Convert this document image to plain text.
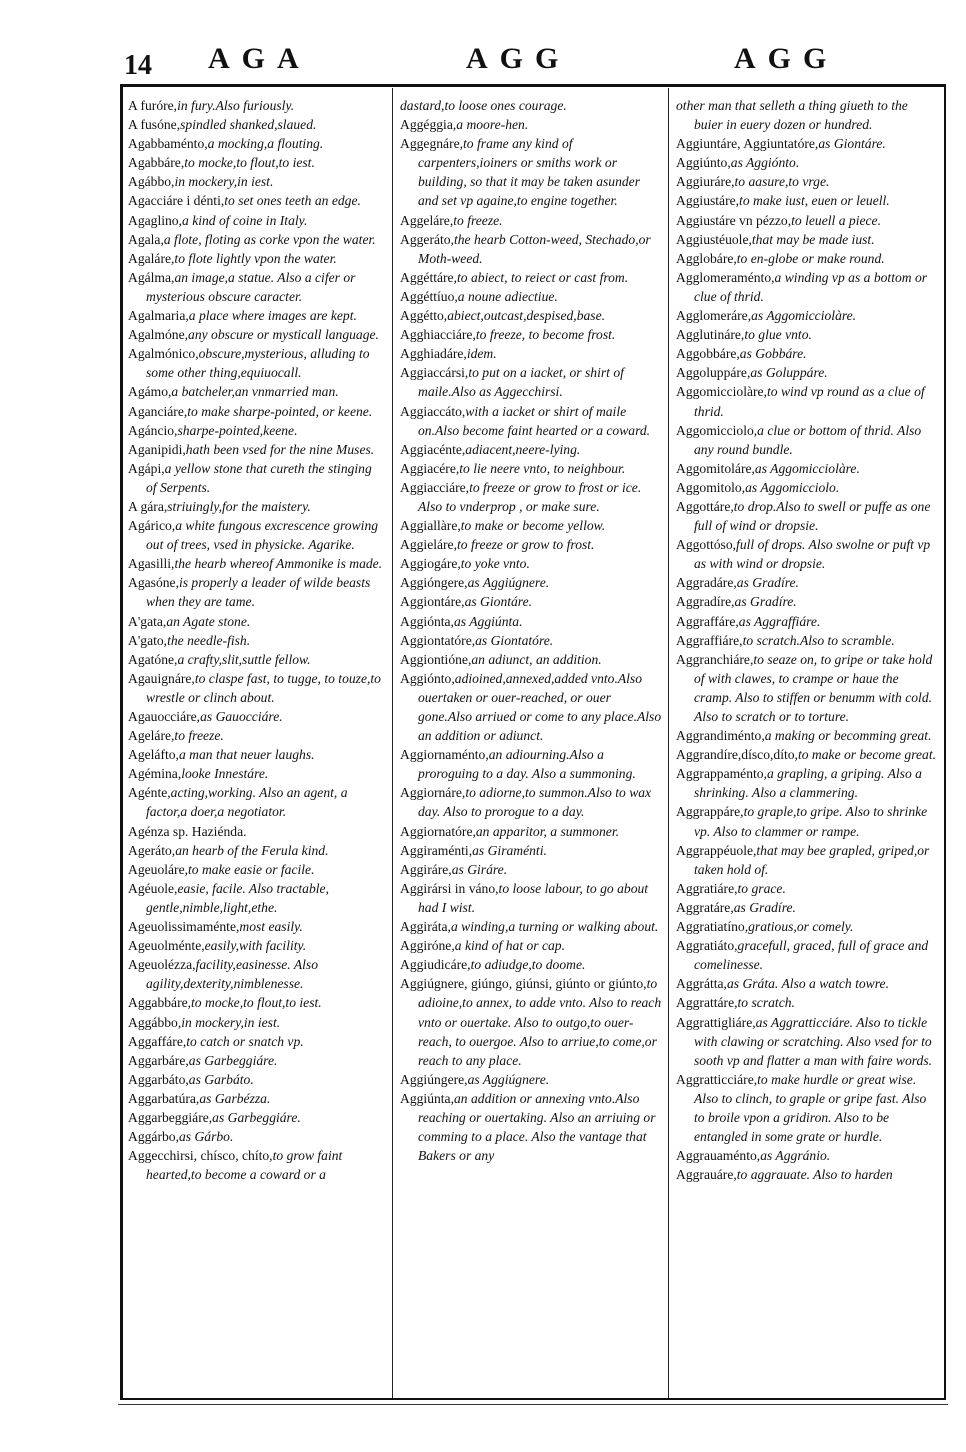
14 AGA	AGG	AGG

A furóre,in fury.Also furiously.

A fusóne,spindled shanked,slaued.

Agabbaménto,a mocking,a flouting.

Agabbáre,to mocke,to flout,to iest.

Agábbo,in mockery,in iest.

Agacciáre i dénti,to set ones teeth an edge.

Agaglino,a kind of coine in Italy.

Agala,a flote, floting as corke vpon the water.

Agaláre,to flote lightly vpon the water.

Agálma,an image,a statue. Also a cifer or mysterious obscure caracter.

Agalmaria,a place where images are kept.

Agalmóne,any obscure or mysticall language.

Agalmónico,obscure,mysterious, alluding to some other thing,equiuocall.

Agámo,a batcheler,an vnmarried man.

Aganciáre,to make sharpe-pointed, or keene.

Agáncio,sharpe-pointed,keene.

Aganipidi,hath been vsed for the nine Muses.

Agápi,a yellow stone that cureth the stinging of Serpents.

A gára,striuingly,for the maistery.

Agárico,a white fungous excrescence growing out of trees, vsed in physicke. Agarike.

Agasilli,the hearb whereof Ammonike is made.

Agasóne,is properly a leader of wilde beasts when they are tame.

A'gata,an Agate stone.

A'gato,the needle-fish.

Agatóne,a crafty,slit,suttle fellow.

Agauignáre,to claspe fast, to tugge, to touze,to wrestle or clinch about.

Agauocciáre,as Gauocciáre.

Ageláre,to freeze.

Ageláfto,a man that neuer laughs.

Agémina,looke Innestáre.

Agénte,acting,working. Also an agent, a factor,a doer,a negotiator.

Agénza sp. Haziénda.

Ageráto,an hearb of the Ferula kind.

Ageuoláre,to make easie or facile.

Agéuole,easie, facile. Also tractable, gentle,nimble,light,ethe.

Ageuolissimaménte,most easily.

Ageuolménte,easily,with facility.

Ageuolézza,facility,easinesse. Also agility,dexterity,nimblenesse.

Aggabbáre,to mocke,to flout,to iest.

Aggábbo,in mockery,in iest.

Aggaffáre,to catch or snatch vp.

Aggarbáre,as Garbeggiáre.

Aggarbáto,as Garbáto.

Aggarbatúra,as Garbézza.

Aggarbeggiáre,as Garbeggiáre.

Aggárbo,as Gárbo.

Aggecchirsi, chísco, chíto,to grow faint hearted,to become a coward or a

dastard,to loose ones courage.

Aggéggia,a moore-hen.

Aggegnáre,to frame any kind of carpenters,ioiners or smiths work or building, so that it may be taken asunder and set vp againe,to engine together.

Aggeláre,to freeze.

Aggeráto,the hearb Cotton-weed, Stechado,or Moth-weed.

Aggéttáre,to abiect, to reiect or cast from.

Aggéttíuo,a noune adiectiue.

Aggétto,abiect,outcast,despised,base.

Agghiacciáre,to freeze, to become frost.

Agghiadáre,idem.

Aggiaccársi,to put on a iacket, or shirt of maile.Also as Aggecchirsi.

Aggiaccáto,with a iacket or shirt of maile on.Also become faint hearted or a coward.

Aggiacénte,adiacent,neere-lying.

Aggiacére,to lie neere vnto, to neighbour.

Aggiacciáre,to freeze or grow to frost or ice. Also to vnderprop , or make sure.

Aggiallàre,to make or become yellow.

Aggieláre,to freeze or grow to frost.

Aggiogáre,to yoke vnto.

Aggióngere,as Aggiúgnere.

Aggiontáre,as Giontáre.

Aggiónta,as Aggiúnta.

Aggiontatóre,as Giontatóre.

Aggiontióne,an adiunct, an addition.

Aggiónto,adioined,annexed,added vnto.Also ouertaken or ouer-reached, or ouer gone.Also arriued or come to any place.Also an addition or adiunct.

Aggiornaménto,an adiourning.Also a proroguing to a day. Also a summoning.

Aggiornáre,to adiorne,to summon.Also to wax day. Also to prorogue to a day.

Aggiornatóre,an apparitor, a summoner.

Aggiraménti,as Giraménti.

Aggiráre,as Giráre.

Aggirársi in váno,to loose labour, to go about had I wist.

Aggiráta,a winding,a turning or walking about.

Aggiróne,a kind of hat or cap.

Aggiudicáre,to adiudge,to doome.

Aggiúgnere, giúngo, giúnsi, giúnto or giúnto,to adioine,to annex, to adde vnto. Also to reach vnto or ouertake. Also to outgo,to ouer-reach, to ouergoe. Also to arriue,to come,or reach to any place.

Aggiúngere,as Aggiúgnere.

Aggiúnta,an addition or annexing vnto.Also reaching or ouertaking. Also an arriuing or comming to a place. Also the vantage that Bakers or any

other man that selleth a thing giueth to the buier in euery dozen or hundred.

Aggiuntáre, Aggiuntatóre,as Giontáre.

Aggiúnto,as Aggiónto.

Aggiuráre,to aasure,to vrge.

Aggiustáre,to make iust, euen or leuell.

Aggiustáre vn pézzo,to leuell a piece.

Aggiustéuole,that may be made iust.

Agglobáre,to en-globe or make round.

Agglomeraménto,a winding vp as a bottom or clue of thrid.

Agglomeráre,as Aggomicciolàre.

Agglutináre,to glue vnto.

Aggobbáre,as Gobbáre.

Aggoluppáre,as Goluppáre.

Aggomicciolàre,to wind vp round as a clue of thrid.

Aggomicciolo,a clue or bottom of thrid. Also any round bundle.

Aggomitoláre,as Aggomicciolàre.

Aggomitolo,as Aggomicciolo.

Aggottáre,to drop.Also to swell or puffe as one full of wind or dropsie.

Aggottóso,full of drops. Also swolne or puft vp as with wind or dropsie.

Aggradáre,as Gradíre.

Aggradíre,as Gradíre.

Aggraffáre,as Aggraffiáre.

Aggraffiáre,to scratch.Also to scramble.

Aggranchiáre,to seaze on, to gripe or take hold of with clawes, to crampe or haue the cramp. Also to stiffen or benumm with cold. Also to scratch or to torture.

Aggrandiménto,a making or becomming great.

Aggrandíre,dísco,díto,to make or become great.

Aggrappaménto,a grapling, a griping. Also a shrinking. Also a clammering.

Aggrappáre,to graple,to gripe. Also to shrinke vp. Also to clammer or rampe.

Aggrappéuole,that may bee grapled, griped,or taken hold of.

Aggratiáre,to grace.

Aggratáre,as Gradíre.

Aggratiatíno,gratious,or comely.

Aggratiáto,gracefull, graced, full of grace and comelinesse.

Aggrátta,as Gráta. Also a watch towre.

Aggrattáre,to scratch.

Aggrattigliáre,as Aggratticciáre. Also to tickle with clawing or scratching. Also vsed for to sooth vp and flatter a man with faire words.

Aggratticciáre,to make hurdle or great wise. Also to clinch, to graple or gripe fast. Also to broile vpon a gridiron. Also to be entangled in some grate or hurdle.

Aggrauaménto,as Aggránio.

Aggrauáre,to aggrauate. Also to harden
